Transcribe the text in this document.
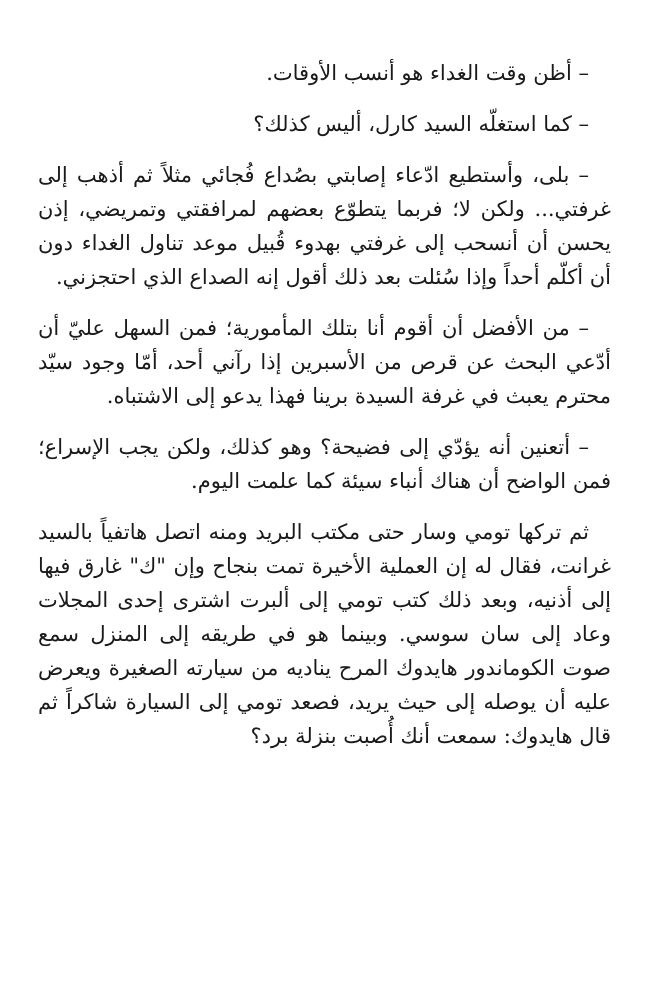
– أظن وقت الغداء هو أنسب الأوقات.

– كما استغلّه السيد كارل، أليس كذلك؟

– بلى، وأستطيع ادّعاء إصابتي بصُداع فُجائي مثلاً ثم أذهب إلى غرفتي... ولكن لا؛ فربما يتطوّع بعضهم لمرافقتي وتمريضي، إذن يحسن أن أنسحب إلى غرفتي بهدوء قُبيل موعد تناول الغداء دون أن أكلّم أحداً وإذا سُئلت بعد ذلك أقول إنه الصداع الذي احتجزني.

– من الأفضل أن أقوم أنا بتلك المأمورية؛ فمن السهل عليّ أن أدّعي البحث عن قرص من الأسبرين إذا رآني أحد، أمّا وجود سيّد محترم يعبث في غرفة السيدة برينا فهذا يدعو إلى الاشتباه.

– أتعنين أنه يؤدّي إلى فضيحة؟ وهو كذلك، ولكن يجب الإسراع؛ فمن الواضح أن هناك أنباء سيئة كما علمت اليوم.

ثم تركها تومي وسار حتى مكتب البريد ومنه اتصل هاتفياً بالسيد غرانت، فقال له إن العملية الأخيرة تمت بنجاح وإن "ك" غارق فيها إلى أذنيه، وبعد ذلك كتب تومي إلى ألبرت اشترى إحدى المجلات وعاد إلى سان سوسي. وبينما هو في طريقه إلى المنزل سمع صوت الكوماندور هايدوك المرح يناديه من سيارته الصغيرة ويعرض عليه أن يوصله إلى حيث يريد، فصعد تومي إلى السيارة شاكراً ثم قال هايدوك: سمعت أنك أُصبت بنزلة برد؟
